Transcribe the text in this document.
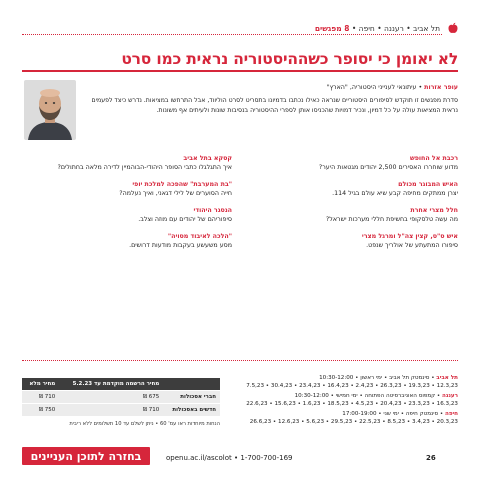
תל אביב • רעננה • חיפה • 8 מפגשים
לא יאומן כי יסופר כשההיסטוריה נראית כמו סרט
עופר אזרות • עיתונאי לענייני היסטוריה, "הארץ"

סדרת מפגשים זו תוקדש לסיפורים היסטוריים שנראה כאילו נכתבו בדמיונו בתסריט לסרט הוליווד, אבל התרחשו במציאות. נדרש כיצד לפעמים נראית המציאות עולה על כל דמיון, ונכיר דמויות שהכניסו אותן לספרי ההיסטוריה בנסיבות שונות ולעיתים אף משונות.

רכבת אל החופש
מדוע שוחררו האסירים 2,500 יהודים מגטאות היער?
האיש המבוגר מכולם
יצרן ממתקים מחיפה קבע שיא עולם בגיל 114.
חלל מצרי אחרת
מה עשה טלסקופי בחשיפת חללי מערכות ישראל?
איש ס"ס, קצין צה"ל ומרגל מצרי
סיפורו המתעתע של אולריך שנפט.
קסקא בתל אביב
איך התגלגלו כתבי הסופר היהודי-הבוהמיין לדירה מלאה בחתולים?
"בת המערבת" שהפכה למלכת יופי
חייה הסוערים של לילי דגאני, ואיך נעלמה?
הנסגר היהודי
סיפוריהם של יהודים עם מוזה וצלב.
"הלכה לאיבוד מסויה"
מסע משעשע בעקבות מודעות דרושים.
תל אביב • סינמטק תל אביב • ימי ראשון • 10:30-12:00
12.3,23 • 19.3,23 • 26.3,23 • 2.4,23 • 16.4,23 • 23.4,23 • 30.4,23 • 7.5,23
רעננה • קמפוס האוניברסיטה הפתוחה • ימי חמישי • 10:30-12:00
16.3,23 • 23.3,23 • 20.4,23 • 4.5,23 • 18.5,23 • 1.6,23 • 15.6,23 • 22.6,23
חיפה • סינמטק חיפה • ימי שני • 17:00-19:00
20.3,23 • 3.4,23 • 8.5,23 • 22.5,23 • 29.5,23 • 5.6,23 • 12.6,23 • 26.6,23
	מחיר הרשמה מוקדמת עד 5.2.23	מחיר מלא
חברי אסכולות	675 ₪	710 ₪
חדשים באסכולות	710 ₪	750 ₪
הנחות מיוחדות ראו עמ' 60 • ניתן לשלם עד 10 תשלומים ללא ריבית
26
openu.ac.il/ascolot • 1-700-700-169
בחזרה לתוכן העניינים
